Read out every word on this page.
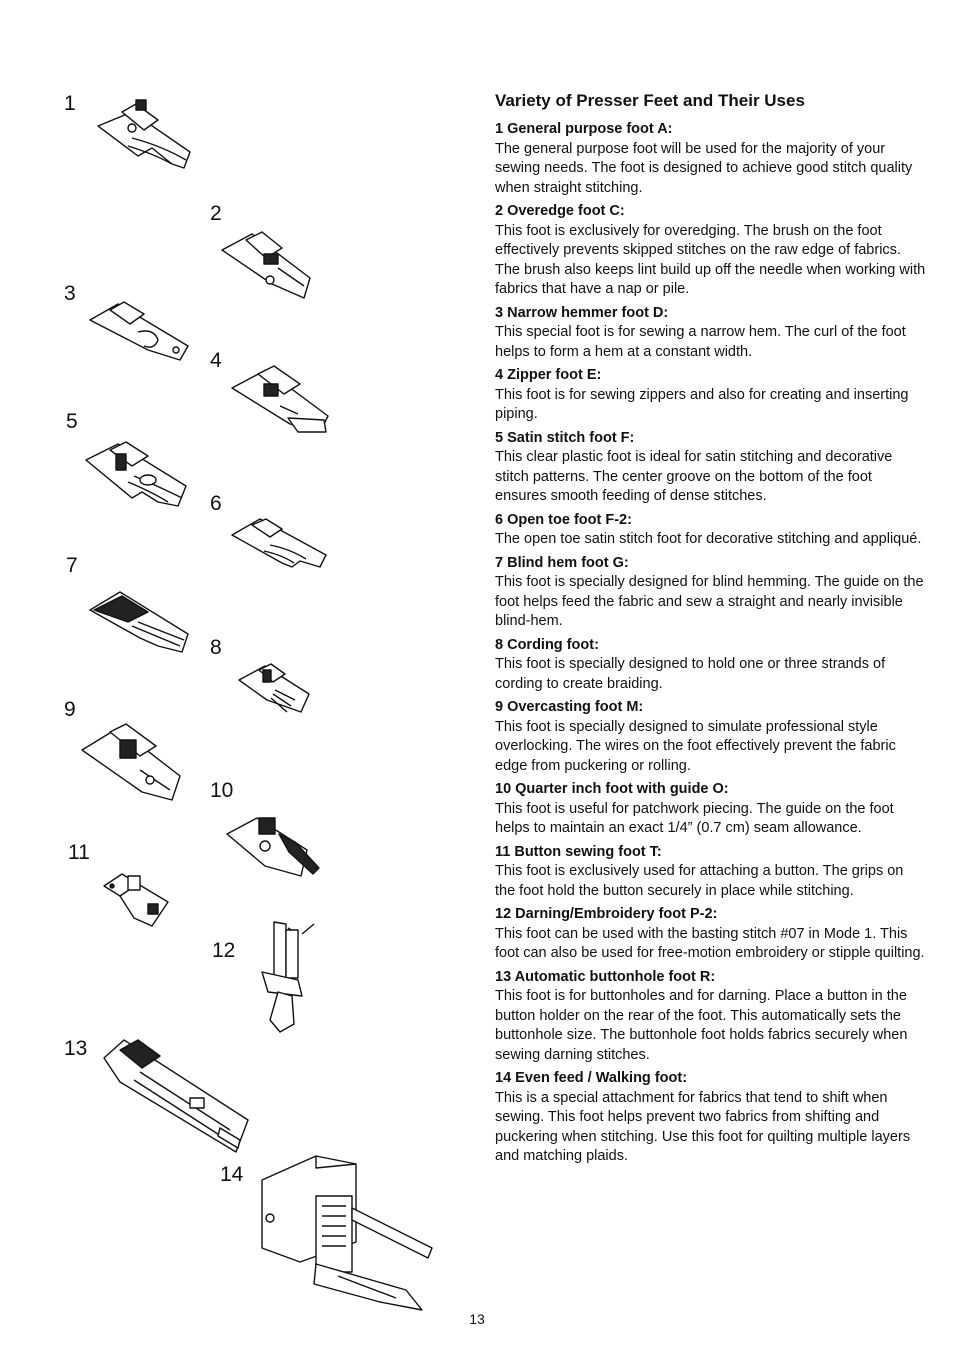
1
2
3
4
5
6
7
8
9
10
11
12
13
14
Variety of Presser Feet and Their Uses
1 General purpose foot A:
The general purpose foot will be used for the majority of your sewing needs. The foot is designed to achieve good stitch quality when straight stitching.
2 Overedge foot C:
This foot is exclusively for overedging. The brush on the foot effectively prevents skipped stitches on the raw edge of fabrics. The brush also keeps lint build up off the needle when working with fabrics that have a nap or pile.
3 Narrow hemmer foot D:
This special foot is for sewing a narrow hem. The curl of the foot helps to form a hem at a constant width.
4 Zipper foot E:
This foot is for sewing zippers and also for creating and inserting piping.
5 Satin stitch foot F:
This clear plastic foot is ideal for satin stitching and decorative stitch patterns. The center groove on the bottom of the foot ensures smooth feeding of dense stitches.
6 Open toe foot F-2:
The open toe satin stitch foot for decorative stitching and appliqué.
7 Blind hem foot G:
This foot is specially designed for blind hemming. The guide on the foot helps feed the fabric and sew a straight and nearly invisible blind-hem.
8 Cording foot:
This foot is specially designed to hold one or three strands of cording to create braiding.
9 Overcasting foot M:
This foot is specially designed to simulate professional style overlocking. The wires on the foot effectively prevent the fabric edge from puckering or rolling.
10 Quarter inch foot with guide O:
This foot is useful for patchwork piecing. The guide on the foot helps to maintain an exact 1/4” (0.7 cm) seam allowance.
11 Button sewing foot T:
This foot is exclusively used for attaching a button. The grips on the foot hold the button securely in place while stitching.
12 Darning/Embroidery foot P-2:
This foot can be used with the basting stitch #07 in Mode 1. This foot can also be used for free-motion embroidery or stipple quilting.
13 Automatic buttonhole foot R:
This foot is for buttonholes and for darning. Place a button in the button holder on the rear of the foot. This automatically sets the buttonhole size. The buttonhole foot holds fabrics securely when sewing darning stitches.
14 Even feed / Walking foot:
This is a special attachment for fabrics that tend to shift when sewing. This foot helps prevent two fabrics from shifting and puckering when stitching. Use this foot for quilting multiple layers and matching plaids.
13
